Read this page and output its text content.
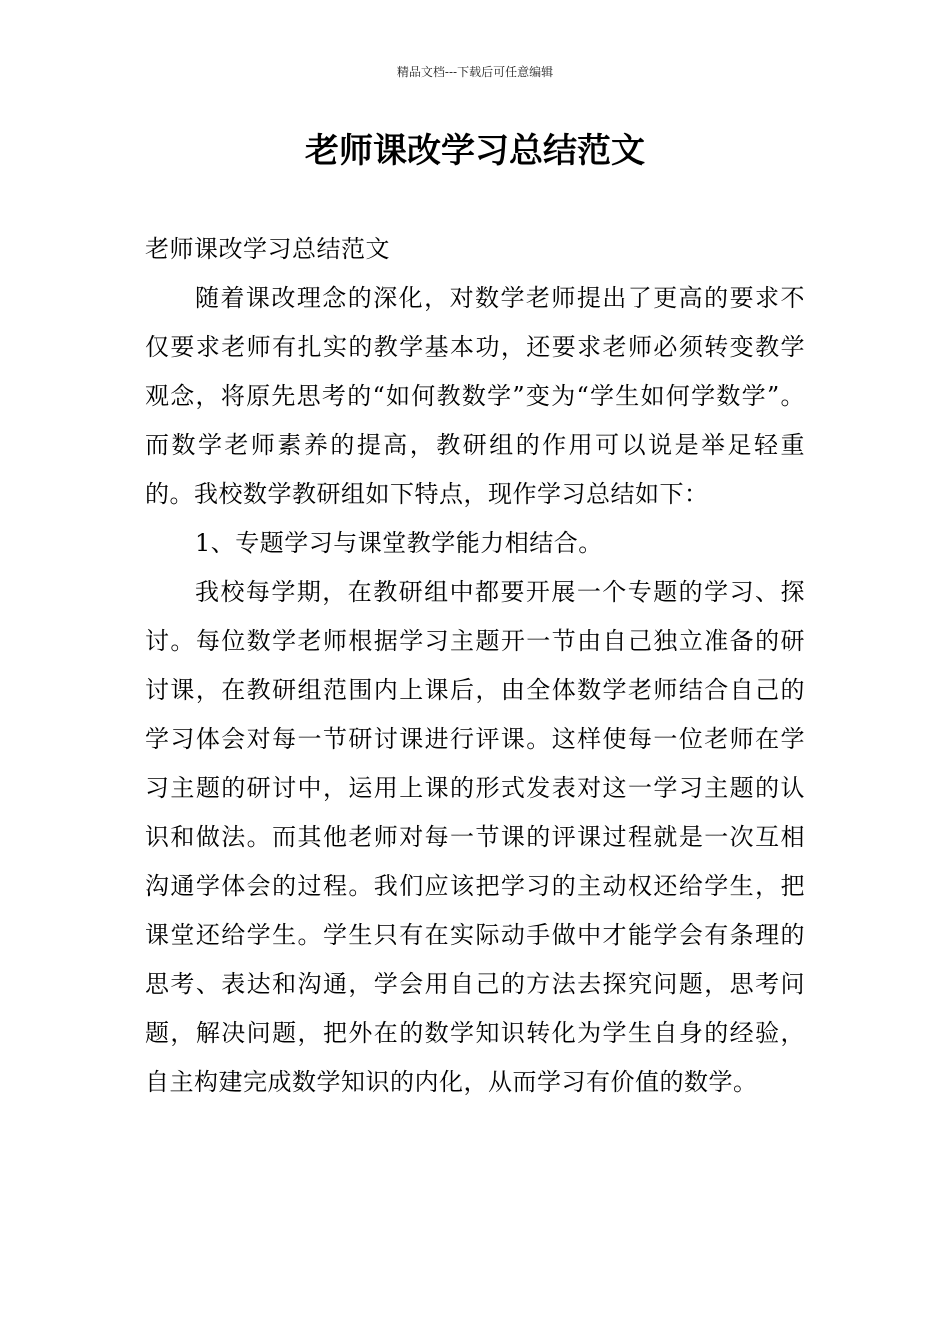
精品文档---下载后可任意编辑
老师课改学习总结范文

老师课改学习总结范文

随着课改理念的深化，对数学老师提出了更高的要求不仅要求老师有扎实的教学基本功，还要求老师必须转变教学观念，将原先思考的“如何教数学”变为“学生如何学数学”。而数学老师素养的提高，教研组的作用可以说是举足轻重的。我校数学教研组如下特点，现作学习总结如下：

1、专题学习与课堂教学能力相结合。

我校每学期，在教研组中都要开展一个专题的学习、探讨。每位数学老师根据学习主题开一节由自己独立准备的研讨课，在教研组范围内上课后，由全体数学老师结合自己的学习体会对每一节研讨课进行评课。这样使每一位老师在学习主题的研讨中，运用上课的形式发表对这一学习主题的认识和做法。而其他老师对每一节课的评课过程就是一次互相沟通学体会的过程。我们应该把学习的主动权还给学生，把课堂还给学生。学生只有在实际动手做中才能学会有条理的思考、表达和沟通，学会用自己的方法去探究问题，思考问题，解决问题，把外在的数学知识转化为学生自身的经验，自主构建完成数学知识的内化，从而学习有价值的数学。
